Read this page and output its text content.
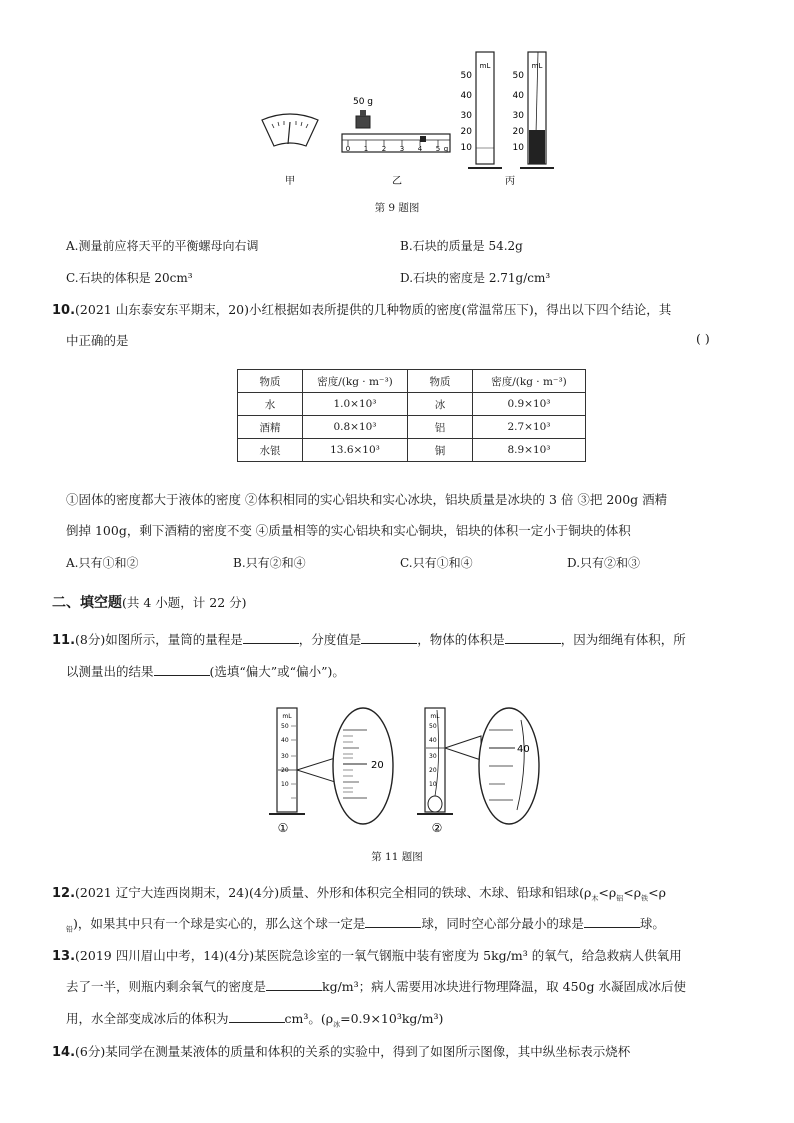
0 1 2 3 4 5 g
50 g
mL
50
40
30
20
10
50
40
30
20
10
mL
甲	乙	丙
第 9 题图
A.测量前应将天平的平衡螺母向右调	B.石块的质量是 54.2g
C.石块的体积是 20cm³	D.石块的密度是 2.71g/cm³
10.(2021 山东泰安东平期末，20)小红根据如表所提供的几种物质的密度(常温常压下)，得出以下四个结论，其
中正确的是	( )
物质	密度/(kg · m⁻³)	物质	密度/(kg · m⁻³)
水	1.0×10³	冰	0.9×10³
酒精	0.8×10³	铝	2.7×10³
水银	13.6×10³	铜	8.9×10³
①固体的密度都大于液体的密度 ②体积相同的实心铝块和实心冰块，铝块质量是冰块的 3 倍 ③把 200g 酒精
倒掉 100g，剩下酒精的密度不变 ④质量相等的实心铝块和实心铜块，铝块的体积一定小于铜块的体积
A.只有①和②	B.只有②和④	C.只有①和④	D.只有②和③
二、填空题(共 4 小题，计 22 分)
11.(8分)如图所示，量筒的量程是	，分度值是	，物体的体积是	，因为细绳有体积，所
以测量出的结果	(选填“偏大”或“偏小”)。
mL
50
40
30
20
10
20
mL
50
40
30
20
10
40
①	②
第 11 题图
12.(2021 辽宁大连西岗期末，24)(4分)质量、外形和体积完全相同的铁球、木球、铅球和铝球($\rho_木<\rho_铝<\rho_铁<\rho$
$_铅$)，如果其中只有一个球是实心的，那么这个球一定是	球，同时空心部分最小的球是	球。
13.(2019 四川眉山中考，14)(4分)某医院急诊室的一氧气钢瓶中装有密度为 5kg/m³ 的氧气，给急救病人供氧用
去了一半，则瓶内剩余氧气的密度是	kg/m³；病人需要用冰块进行物理降温，取 450g 水凝固成冰后使
用，水全部变成冰后的体积为	cm³。$(\rho_冰=0.9\times 10^3kg/m^3)$
14.(6分)某同学在测量某液体的质量和体积的关系的实验中，得到了如图所示图像，其中纵坐标表示烧杯
